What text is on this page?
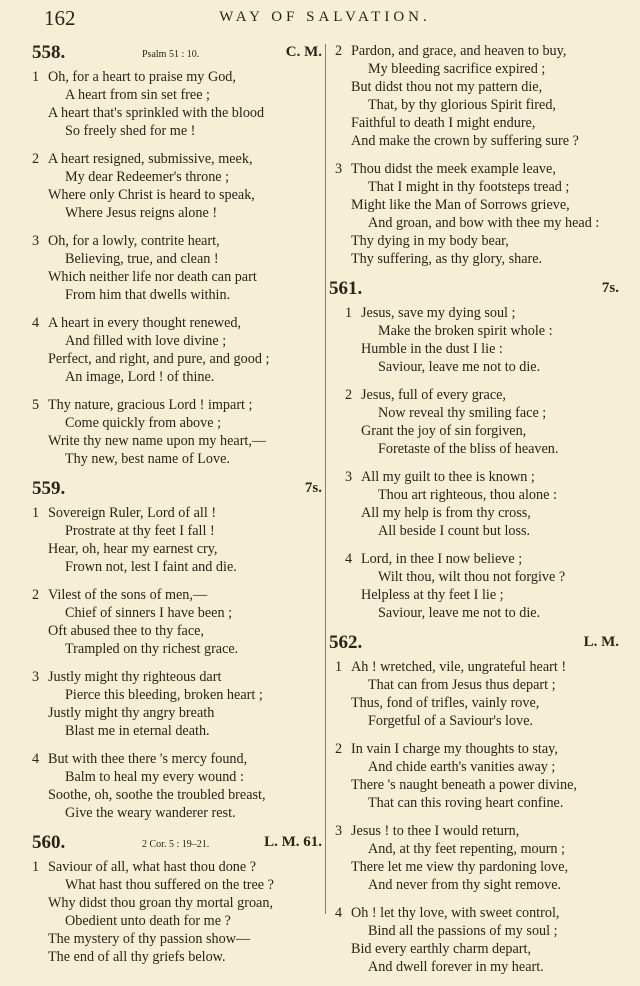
162	WAY OF SALVATION.
558.	Psalm 51 : 10.	C. M.
1 Oh, for a heart to praise my God,
A heart from sin set free ;
A heart that's sprinkled with the blood
So freely shed for me !
2 A heart resigned, submissive, meek,
My dear Redeemer's throne ;
Where only Christ is heard to speak,
Where Jesus reigns alone !
3 Oh, for a lowly, contrite heart,
Believing, true, and clean !
Which neither life nor death can part
From him that dwells within.
4 A heart in every thought renewed,
And filled with love divine ;
Perfect, and right, and pure, and good ;
An image, Lord ! of thine.
5 Thy nature, gracious Lord ! impart ;
Come quickly from above ;
Write thy new name upon my heart,—
Thy new, best name of Love.
559.	7s.
1 Sovereign Ruler, Lord of all !
Prostrate at thy feet I fall !
Hear, oh, hear my earnest cry,
Frown not, lest I faint and die.
2 Vilest of the sons of men,—
Chief of sinners I have been ;
Oft abused thee to thy face,
Trampled on thy richest grace.
3 Justly might thy righteous dart
Pierce this bleeding, broken heart ;
Justly might thy angry breath
Blast me in eternal death.
4 But with thee there 's mercy found,
Balm to heal my every wound :
Soothe, oh, soothe the troubled breast,
Give the weary wanderer rest.
560.	2 Cor. 5 : 19–21.	L. M. 61.
1 Saviour of all, what hast thou done ?
What hast thou suffered on the tree ?
Why didst thou groan thy mortal groan,
Obedient unto death for me ?
The mystery of thy passion show—
The end of all thy griefs below.
2 Pardon, and grace, and heaven to buy,
My bleeding sacrifice expired ;
But didst thou not my pattern die,
That, by thy glorious Spirit fired,
Faithful to death I might endure,
And make the crown by suffering sure ?
3 Thou didst the meek example leave,
That I might in thy footsteps tread ;
Might like the Man of Sorrows grieve,
And groan, and bow with thee my head :
Thy dying in my body bear,
Thy suffering, as thy glory, share.
561.	7s.
1 Jesus, save my dying soul ;
Make the broken spirit whole :
Humble in the dust I lie :
Saviour, leave me not to die.
2 Jesus, full of every grace,
Now reveal thy smiling face ;
Grant the joy of sin forgiven,
Foretaste of the bliss of heaven.
3 All my guilt to thee is known ;
Thou art righteous, thou alone :
All my help is from thy cross,
All beside I count but loss.
4 Lord, in thee I now believe ;
Wilt thou, wilt thou not forgive ?
Helpless at thy feet I lie ;
Saviour, leave me not to die.
562.	L. M.
1 Ah ! wretched, vile, ungrateful heart !
That can from Jesus thus depart ;
Thus, fond of trifles, vainly rove,
Forgetful of a Saviour's love.
2 In vain I charge my thoughts to stay,
And chide earth's vanities away ;
There 's naught beneath a power divine,
That can this roving heart confine.
3 Jesus ! to thee I would return,
And, at thy feet repenting, mourn ;
There let me view thy pardoning love,
And never from thy sight remove.
4 Oh ! let thy love, with sweet control,
Bind all the passions of my soul ;
Bid every earthly charm depart,
And dwell forever in my heart.
